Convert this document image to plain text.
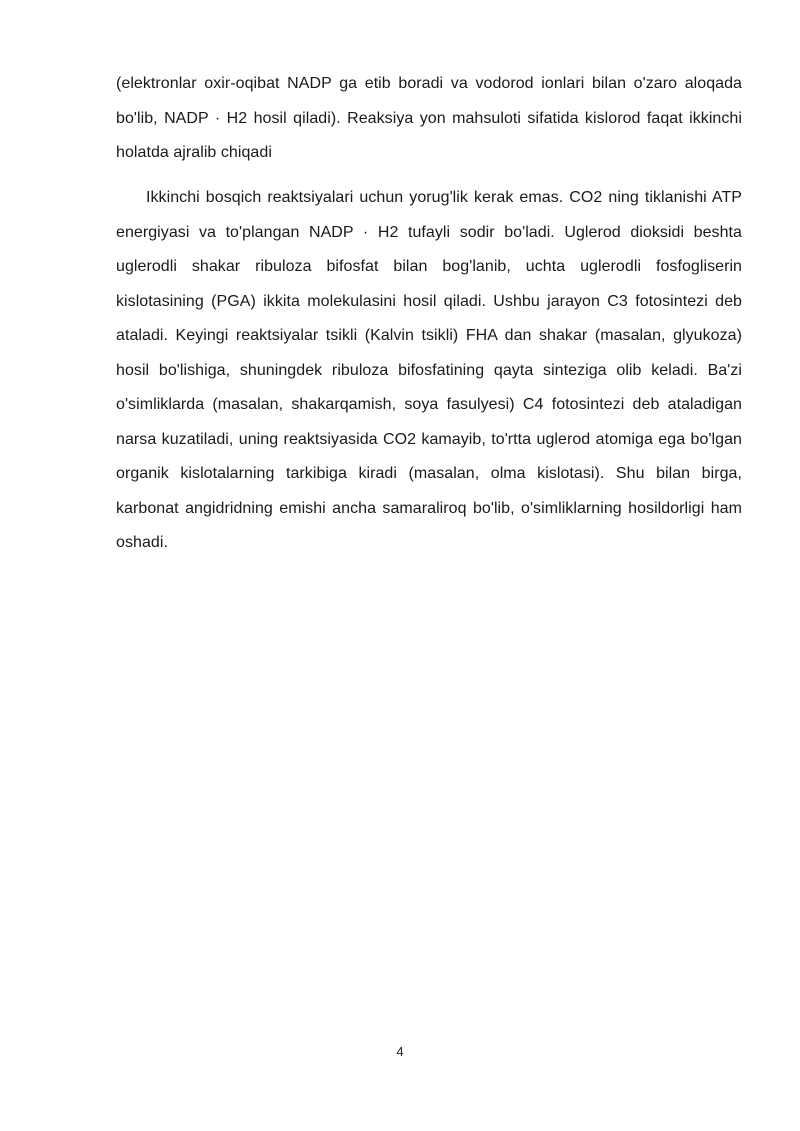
(elektronlar oxir-oqibat NADP ga etib boradi va vodorod ionlari bilan o'zaro aloqada bo'lib, NADP · H2 hosil qiladi). Reaksiya yon mahsuloti sifatida kislorod faqat ikkinchi holatda ajralib chiqadi

Ikkinchi bosqich reaktsiyalari uchun yorug'lik kerak emas. CO2 ning tiklanishi ATP energiyasi va to'plangan NADP · H2 tufayli sodir bo'ladi. Uglerod dioksidi beshta uglerodli shakar ribuloza bifosfat bilan bog'lanib, uchta uglerodli fosfogliserin kislotasining (PGA) ikkita molekulasini hosil qiladi. Ushbu jarayon C3 fotosintezi deb ataladi. Keyingi reaktsiyalar tsikli (Kalvin tsikli) FHA dan shakar (masalan, glyukoza) hosil bo'lishiga, shuningdek ribuloza bifosfatining qayta sinteziga olib keladi. Ba'zi o'simliklarda (masalan, shakarqamish, soya fasulyesi) C4 fotosintezi deb ataladigan narsa kuzatiladi, uning reaktsiyasida CO2 kamayib, to'rtta uglerod atomiga ega bo'lgan organik kislotalarning tarkibiga kiradi (masalan, olma kislotasi). Shu bilan birga, karbonat angidridning emishi ancha samaraliroq bo'lib, o'simliklarning hosildorligi ham oshadi.

4
